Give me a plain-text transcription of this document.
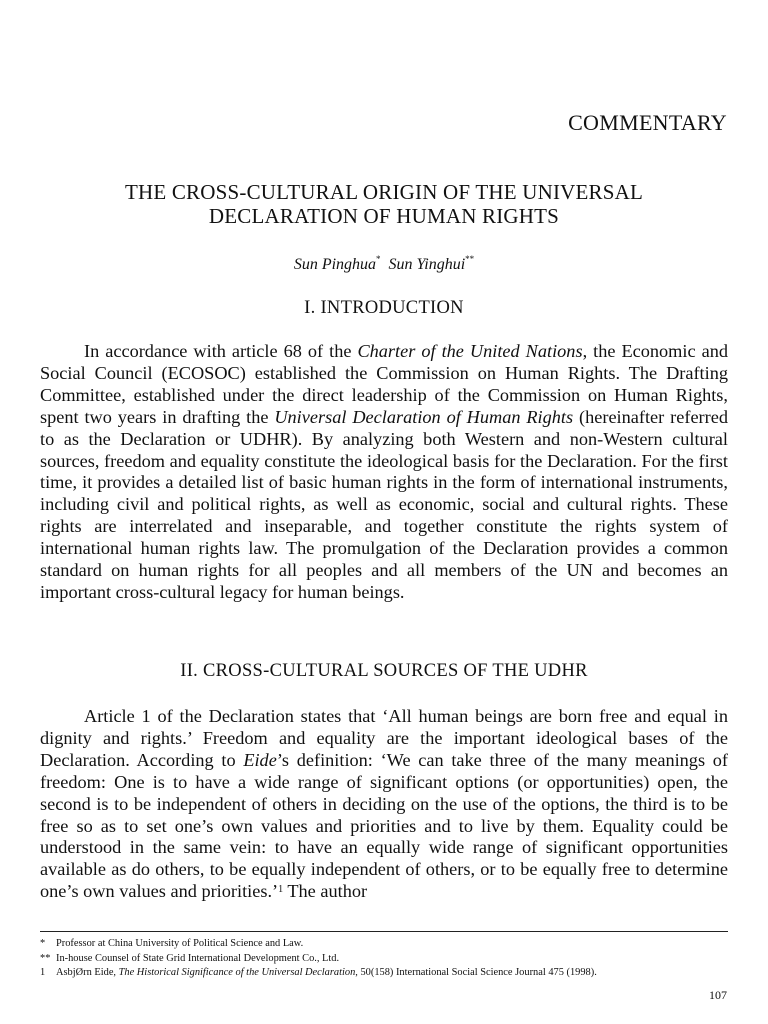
COMMENTARY
THE CROSS-CULTURAL ORIGIN OF THE UNIVERSAL
DECLARATION OF HUMAN RIGHTS
Sun Pinghua* Sun Yinghui**
I. INTRODUCTION

In accordance with article 68 of the Charter of the United Nations, the Economic and Social Council (ECOSOC) established the Commission on Human Rights. The Drafting Committee, established under the direct leadership of the Commission on Human Rights, spent two years in drafting the Universal Declaration of Human Rights (hereinafter referred to as the Declaration or UDHR). By analyzing both Western and non-Western cultural sources, freedom and equality constitute the ideological basis for the Declaration. For the first time, it provides a detailed list of basic human rights in the form of international instruments, including civil and political rights, as well as economic, social and cultural rights. These rights are interrelated and inseparable, and together constitute the rights system of international human rights law. The promulgation of the Declaration provides a common standard on human rights for all peoples and all members of the UN and becomes an important cross-cultural legacy for human beings.

II. CROSS-CULTURAL SOURCES OF THE UDHR

Article 1 of the Declaration states that ‘All human beings are born free and equal in dignity and rights.’ Freedom and equality are the important ideological bases of the Declaration. According to Eide’s definition: ‘We can take three of the many meanings of freedom: One is to have a wide range of significant options (or opportunities) open, the second is to be independent of others in deciding on the use of the options, the third is to be free so as to set one’s own values and priorities and to live by them. Equality could be understood in the same vein: to have an equally wide range of significant opportunities available as do others, to be equally independent of others, or to be equally free to determine one’s own values and priorities.’$^1$ The author

* Professor at China University of Political Science and Law.
** In-house Counsel of State Grid International Development Co., Ltd.
1 AsbjØrn Eide, The Historical Significance of the Universal Declaration, 50(158) International Social Science Journal 475 (1998).
107
